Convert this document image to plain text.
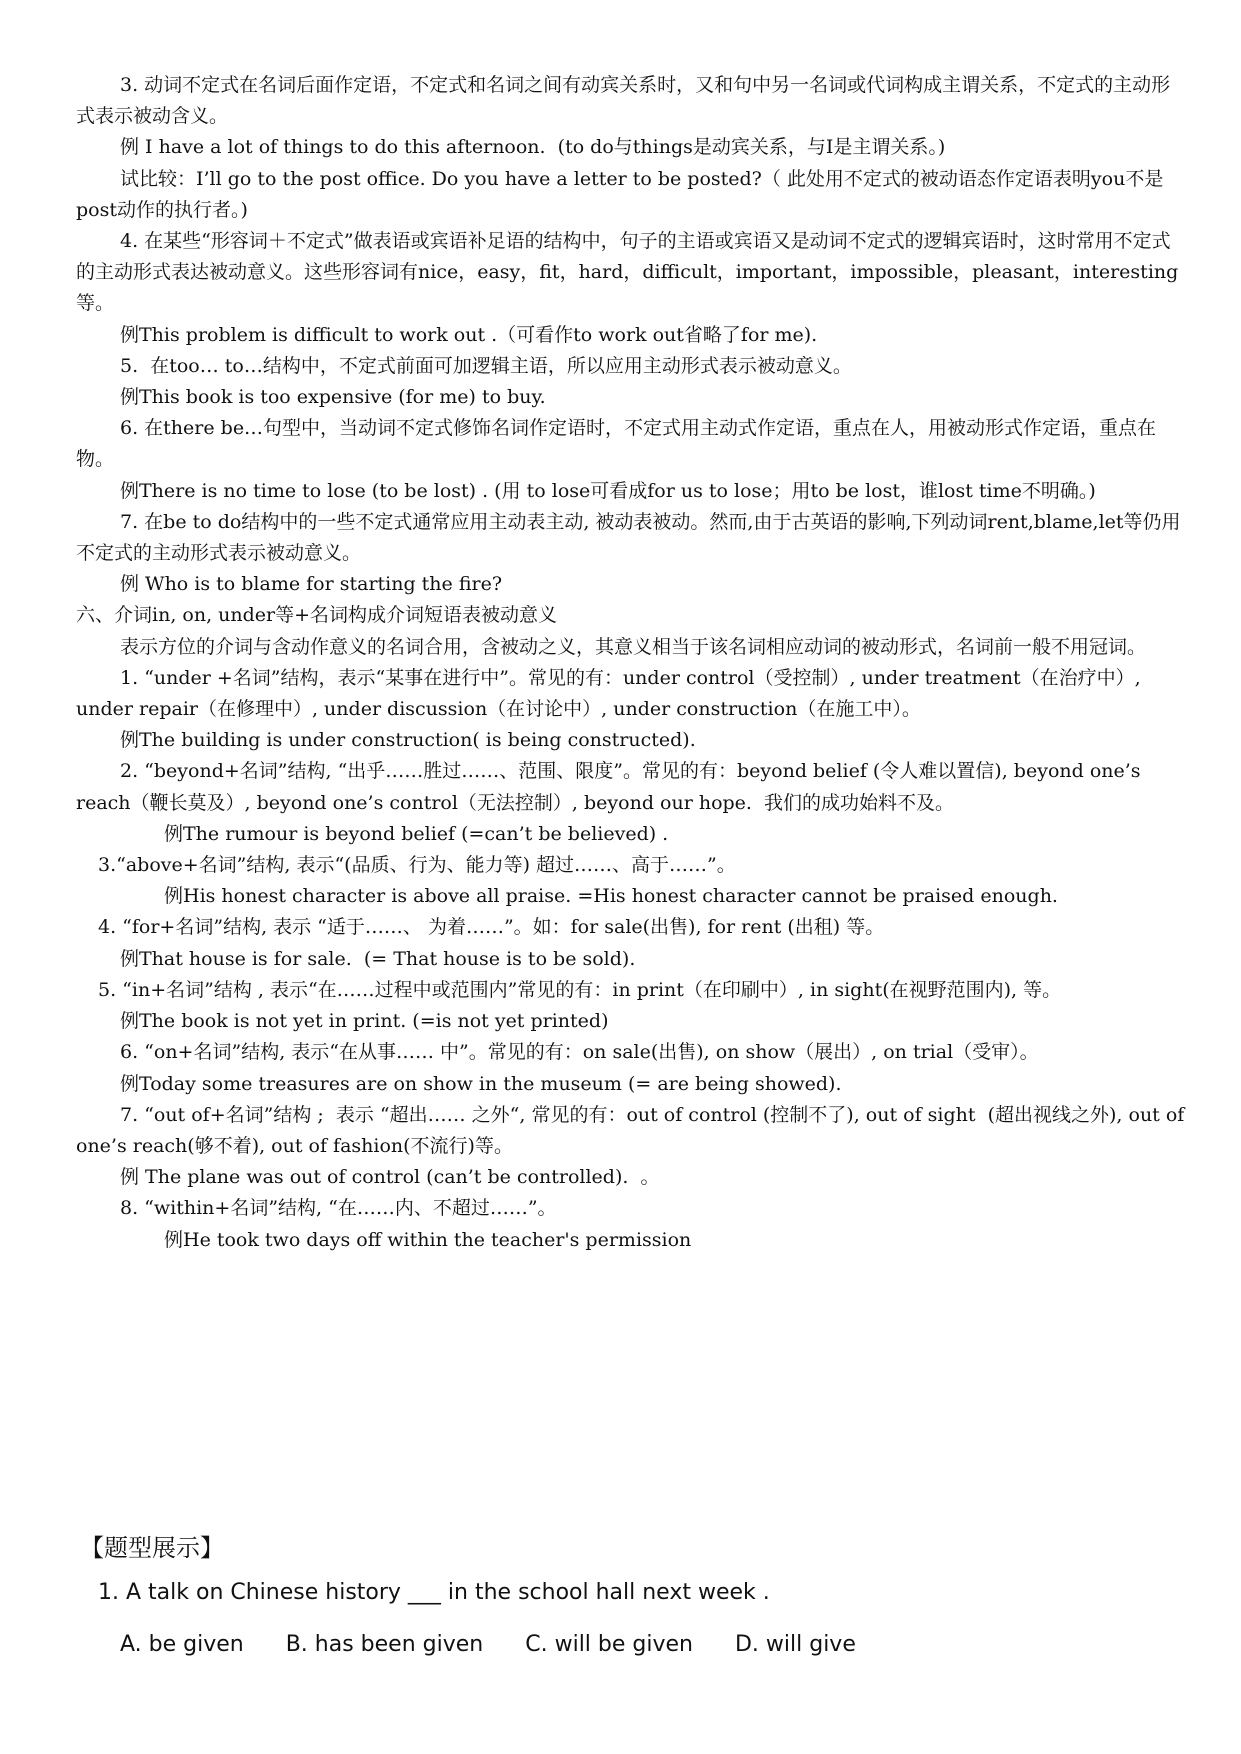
3. 动词不定式在名词后面作定语，不定式和名词之间有动宾关系时，又和句中另一名词或代词构成主谓关系，不定式的主动形式表示被动含义。

例 I have a lot of things to do this afternoon.  (to do与things是动宾关系，与I是主谓关系。)

试比较：I’ll go to the post office. Do you have a letter to be posted?（ 此处用不定式的被动语态作定语表明you不是post动作的执行者。)

4. 在某些“形容词＋不定式”做表语或宾语补足语的结构中，句子的主语或宾语又是动词不定式的逻辑宾语时，这时常用不定式的主动形式表达被动意义。这些形容词有nice，easy，fit，hard，difficult，important，impossible，pleasant，interesting等。

例This problem is difficult to work out .（可看作to work out省略了for me).

5.  在too… to…结构中，不定式前面可加逻辑主语，所以应用主动形式表示被动意义。

例This book is too expensive (for me) to buy.

6. 在there be…句型中，当动词不定式修饰名词作定语时，不定式用主动式作定语，重点在人，用被动形式作定语，重点在物。

例There is no time to lose (to be lost) . (用 to lose可看成for us to lose；用to be lost，谁lost time不明确。)

7. 在be to do结构中的一些不定式通常应用主动表主动, 被动表被动。然而,由于古英语的影响,下列动词rent,blame,let等仍用不定式的主动形式表示被动意义。

例 Who is to blame for starting the fire?

六、介词in, on, under等+名词构成介词短语表被动意义

表示方位的介词与含动作意义的名词合用，含被动之义，其意义相当于该名词相应动词的被动形式，名词前一般不用冠词。

1. “under +名词”结构，表示“某事在进行中”。常见的有：under control（受控制）, under treatment（在治疗中）, under repair（在修理中）, under discussion（在讨论中）, under construction（在施工中）。

例The building is under construction( is being constructed).

2. “beyond+名词”结构, “出乎……胜过……、范围、限度”。常见的有：beyond belief (令人难以置信), beyond one’s reach（鞭长莫及）, beyond one’s control（无法控制）, beyond our hope.  我们的成功始料不及。

例The rumour is beyond belief (=can’t be believed) .

3.“above+名词”结构, 表示“(品质、行为、能力等) 超过……、高于……”。

例His honest character is above all praise. =His honest character cannot be praised enough.

4. “for+名词”结构, 表示 “适于……、 为着……”。如：for sale(出售), for rent (出租) 等。

例That house is for sale.  (= That house is to be sold).

5. “in+名词”结构 , 表示“在……过程中或范围内”常见的有：in print（在印刷中）, in sight(在视野范围内), 等。

例The book is not yet in print. (=is not yet printed)

6. “on+名词”结构, 表示“在从事…… 中”。常见的有：on sale(出售), on show（展出）, on trial（受审）。

例Today some treasures are on show in the museum (= are being showed).

7. “out of+名词”结构 ;  表示 “超出…… 之外“, 常见的有：out of control (控制不了), out of sight  (超出视线之外), out of one’s reach(够不着), out of fashion(不流行)等。

例 The plane was out of control (can’t be controlled).  。

8. “within+名词”结构, “在……内、不超过……”。

例He took two days off within the teacher's permission

【题型展示】

1. A talk on Chinese history ___ in the school hall next week .

A. be given B. has been given C. will be given D. will give
